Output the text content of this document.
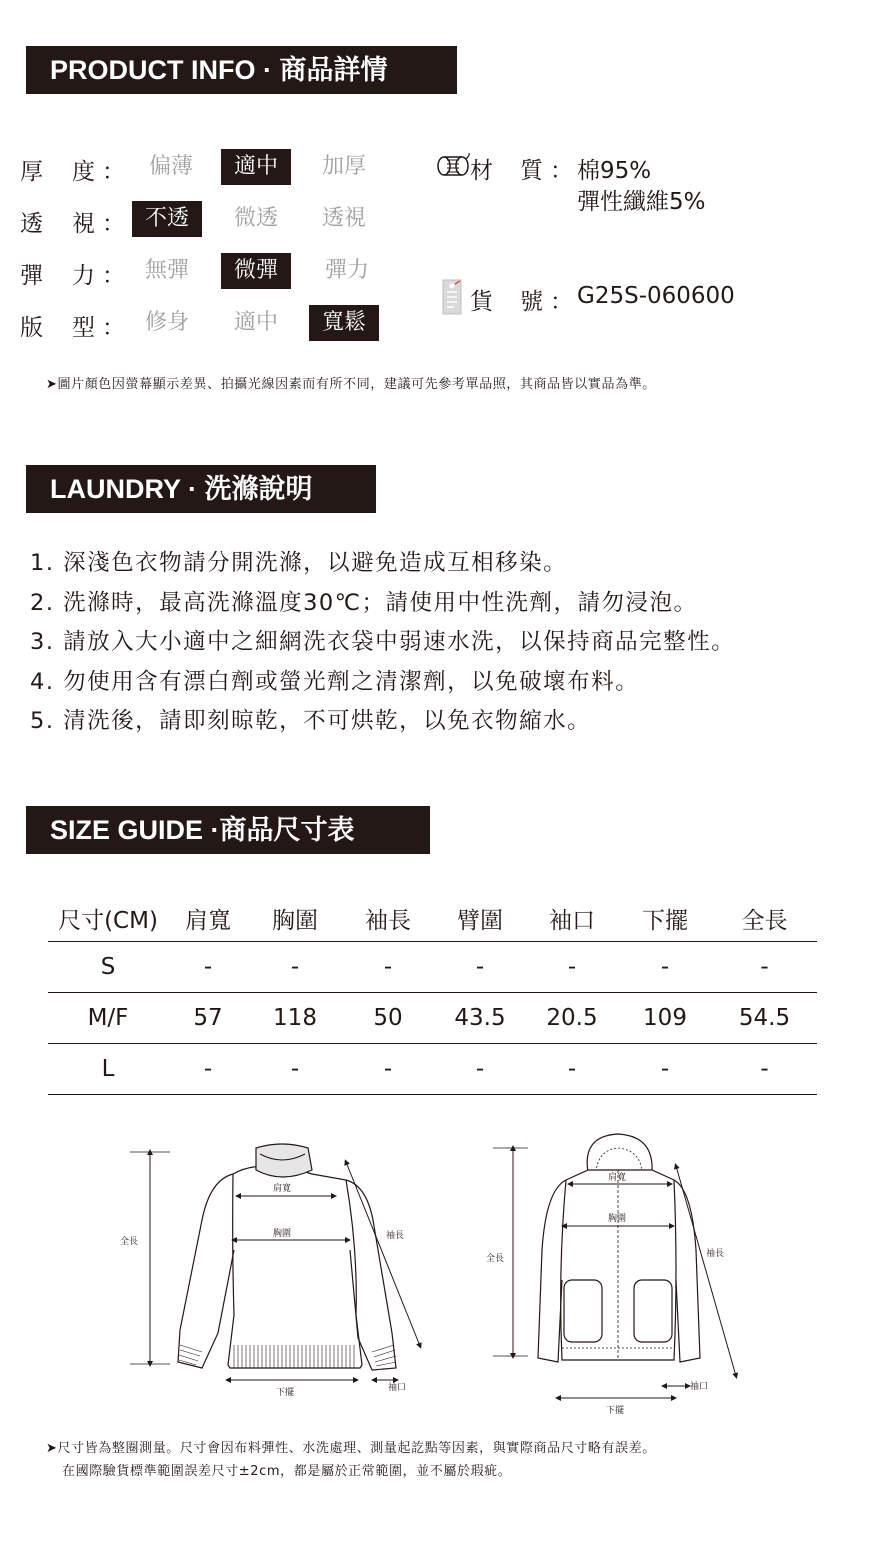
PRODUCT INFO · 商品詳情
厚 度 ：	偏薄	適中	加厚
透 視 ： 不透	微透	透視
彈 力 ： 無彈	微彈	彈力
版 型 ： 修身	適中	寬鬆
材 質 ： 棉95%
彈性纖維5%
貨 號 ： G25S-060600
➤圖片顏色因螢幕顯示差異、拍攝光線因素而有所不同，建議可先參考單品照，其商品皆以實品為準。
LAUNDRY · 洗滌說明
1. 深淺色衣物請分開洗滌，以避免造成互相移染。
2. 洗滌時，最高洗滌溫度30℃；請使用中性洗劑，請勿浸泡。
3. 請放入大小適中之細網洗衣袋中弱速水洗，以保持商品完整性。
4. 勿使用含有漂白劑或螢光劑之清潔劑，以免破壞布料。
5. 清洗後，請即刻晾乾，不可烘乾，以免衣物縮水。
SIZE GUIDE ·商品尺寸表
尺寸(CM)	肩寬	胸圍	袖長	臂圍	袖口	下擺	全長
S	-	-	-	-	-	-	-
M/F	57	118	50	43.5	20.5	109	54.5
L	-	-	-	-	-	-	-
全長
肩寬
胸圍	袖長
下擺	袖口
全長
肩寬
胸圍
袖長
下擺
袖口
➤尺寸皆為整圈測量。尺寸會因布料彈性、水洗處理、測量起訖點等因素，與實際商品尺寸略有誤差。
在國際驗貨標準範圍誤差尺寸±2cm，都是屬於正常範圍，並不屬於瑕疵。
